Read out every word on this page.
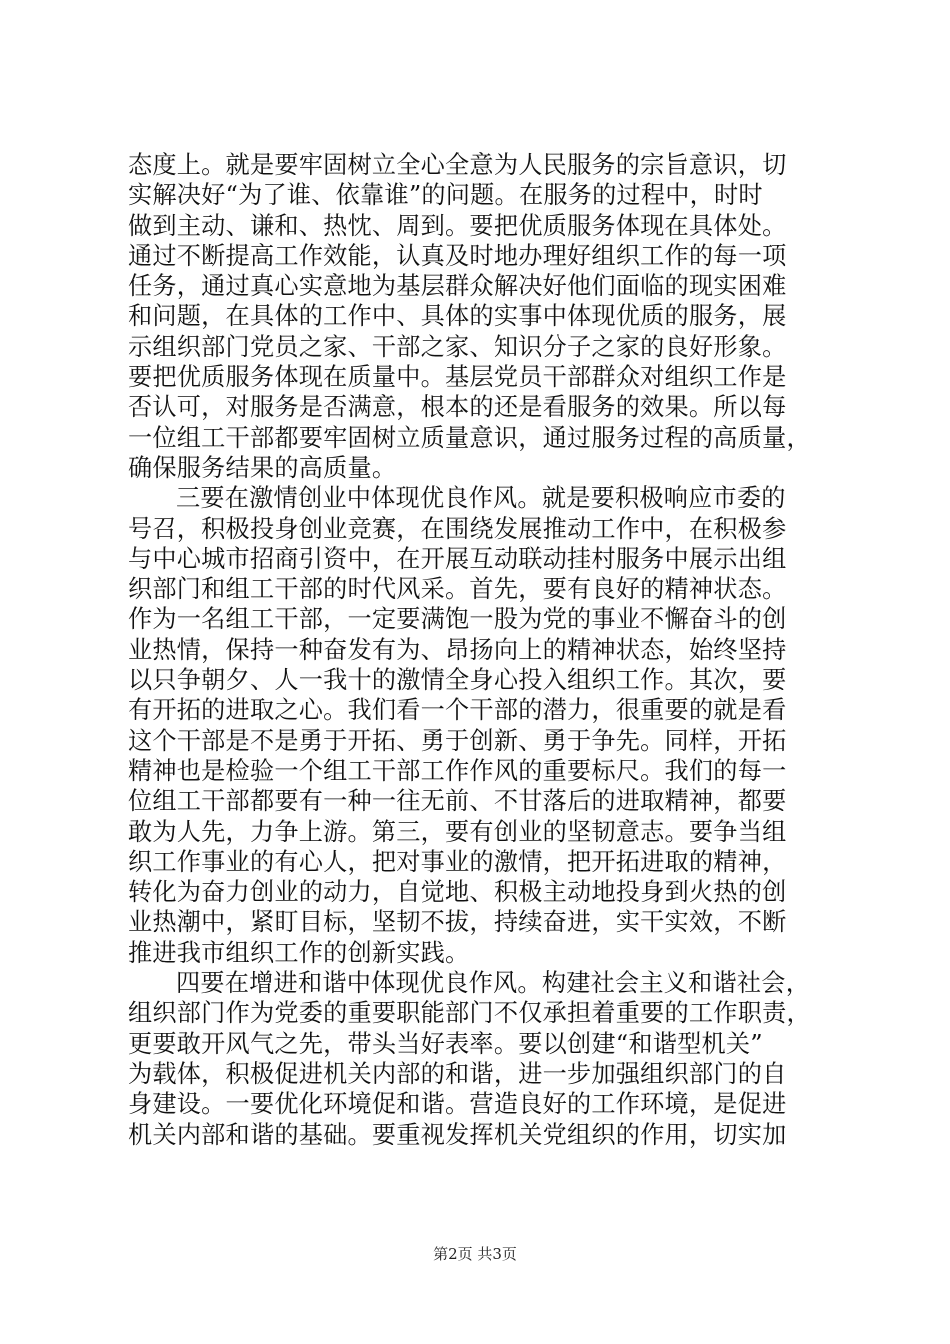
态度上。就是要牢固树立全心全意为人民服务的宗旨意识，切
实解决好“为了谁、依靠谁”的问题。在服务的过程中，时时
做到主动、谦和、热忱、周到。要把优质服务体现在具体处。
通过不断提高工作效能，认真及时地办理好组织工作的每一项
任务，通过真心实意地为基层群众解决好他们面临的现实困难
和问题，在具体的工作中、具体的实事中体现优质的服务，展
示组织部门党员之家、干部之家、知识分子之家的良好形象。
要把优质服务体现在质量中。基层党员干部群众对组织工作是
否认可，对服务是否满意，根本的还是看服务的效果。所以每
一位组工干部都要牢固树立质量意识，通过服务过程的高质量，
确保服务结果的高质量。
三要在激情创业中体现优良作风。就是要积极响应市委的
号召，积极投身创业竞赛，在围绕发展推动工作中，在积极参
与中心城市招商引资中，在开展互动联动挂村服务中展示出组
织部门和组工干部的时代风采。首先，要有良好的精神状态。
作为一名组工干部，一定要满饱一股为党的事业不懈奋斗的创
业热情，保持一种奋发有为、昂扬向上的精神状态，始终坚持
以只争朝夕、人一我十的激情全身心投入组织工作。其次，要
有开拓的进取之心。我们看一个干部的潜力，很重要的就是看
这个干部是不是勇于开拓、勇于创新、勇于争先。同样，开拓
精神也是检验一个组工干部工作作风的重要标尺。我们的每一
位组工干部都要有一种一往无前、不甘落后的进取精神，都要
敢为人先，力争上游。第三，要有创业的坚韧意志。要争当组
织工作事业的有心人，把对事业的激情，把开拓进取的精神，
转化为奋力创业的动力，自觉地、积极主动地投身到火热的创
业热潮中，紧盯目标，坚韧不拔，持续奋进，实干实效，不断
推进我市组织工作的创新实践。
四要在增进和谐中体现优良作风。构建社会主义和谐社会，
组织部门作为党委的重要职能部门不仅承担着重要的工作职责，
更要敢开风气之先，带头当好表率。要以创建“和谐型机关”
为载体，积极促进机关内部的和谐，进一步加强组织部门的自
身建设。一要优化环境促和谐。营造良好的工作环境，是促进
机关内部和谐的基础。要重视发挥机关党组织的作用，切实加
第2页 共3页
